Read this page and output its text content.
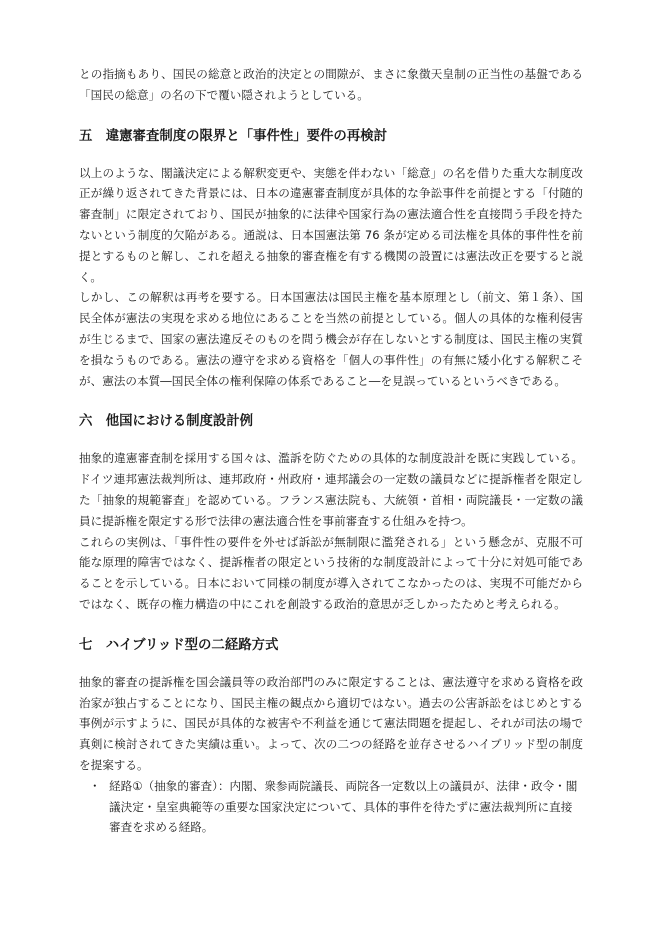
との指摘もあり、国民の総意と政治的決定との間隙が、まさに象徴天皇制の正当性の基盤である「国民の総意」の名の下で覆い隠されようとしている。

五　違憲審査制度の限界と「事件性」要件の再検討

以上のような、閣議決定による解釈変更や、実態を伴わない「総意」の名を借りた重大な制度改正が繰り返されてきた背景には、日本の違憲審査制度が具体的な争訟事件を前提とする「付随的審査制」に限定されており、国民が抽象的に法律や国家行為の憲法適合性を直接問う手段を持たないという制度的欠陥がある。通説は、日本国憲法第 76 条が定める司法権を具体的事件性を前提とするものと解し、これを超える抽象的審査権を有する機関の設置には憲法改正を要すると説く。

しかし、この解釈は再考を要する。日本国憲法は国民主権を基本原理とし（前文、第１条）、国民全体が憲法の実現を求める地位にあることを当然の前提としている。個人の具体的な権利侵害が生じるまで、国家の憲法違反そのものを問う機会が存在しないとする制度は、国民主権の実質を損なうものである。憲法の遵守を求める資格を「個人の事件性」の有無に矮小化する解釈こそが、憲法の本質―国民全体の権利保障の体系であること―を見誤っているというべきである。

六　他国における制度設計例

抽象的違憲審査制を採用する国々は、濫訴を防ぐための具体的な制度設計を既に実践している。ドイツ連邦憲法裁判所は、連邦政府・州政府・連邦議会の一定数の議員などに提訴権者を限定した「抽象的規範審査」を認めている。フランス憲法院も、大統領・首相・両院議長・一定数の議員に提訴権を限定する形で法律の憲法適合性を事前審査する仕組みを持つ。

これらの実例は、「事件性の要件を外せば訴訟が無制限に濫発される」という懸念が、克服不可能な原理的障害ではなく、提訴権者の限定という技術的な制度設計によって十分に対処可能であることを示している。日本において同様の制度が導入されてこなかったのは、実現不可能だからではなく、既存の権力構造の中にこれを創設する政治的意思が乏しかったためと考えられる。

七　ハイブリッド型の二経路方式

抽象的審査の提訴権を国会議員等の政治部門のみに限定することは、憲法遵守を求める資格を政治家が独占することになり、国民主権の観点から適切ではない。過去の公害訴訟をはじめとする事例が示すように、国民が具体的な被害や不利益を通じて憲法問題を提起し、それが司法の場で真剣に検討されてきた実績は重い。よって、次の二つの経路を並存させるハイブリッド型の制度を提案する。

・ 経路①（抽象的審査）：内閣、衆参両院議長、両院各一定数以上の議員が、法律・政令・閣議決定・皇室典範等の重要な国家決定について、具体的事件を待たずに憲法裁判所に直接審査を求める経路。
